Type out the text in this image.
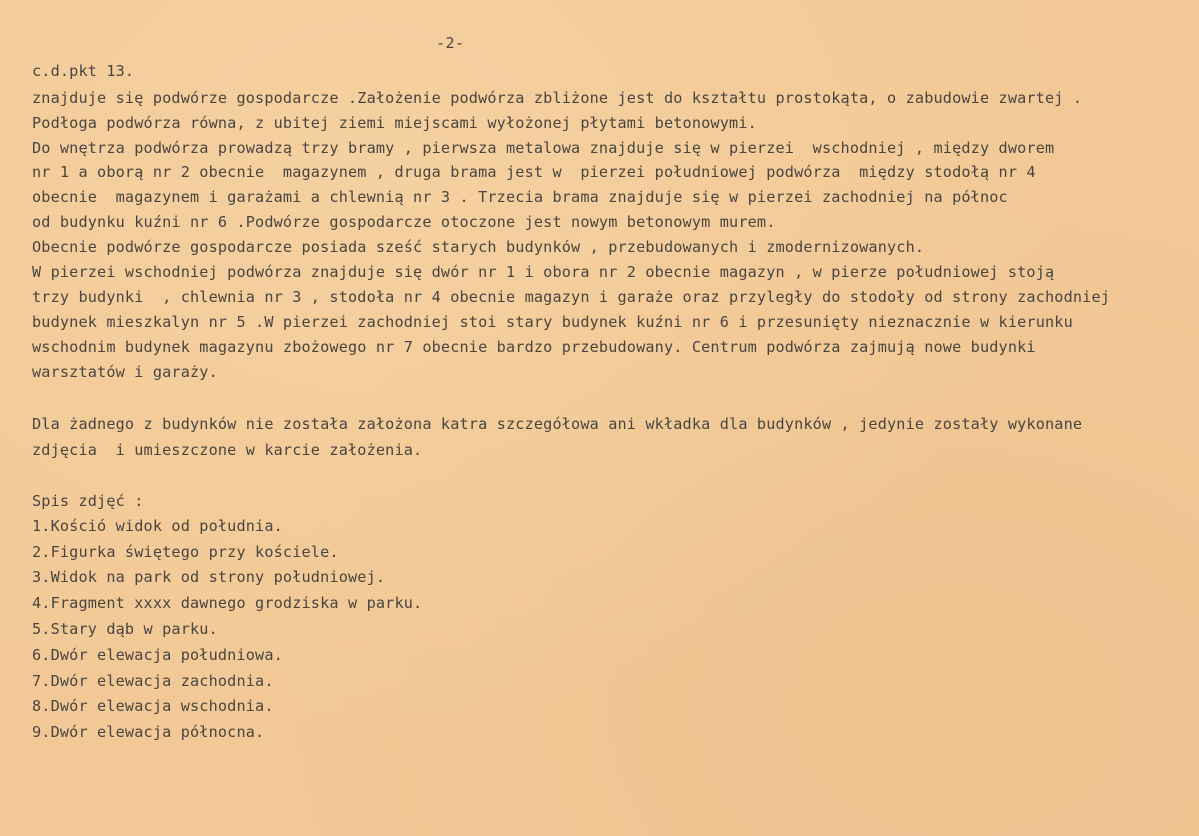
-2-
c.d.pkt 13.
znajduje się podwórze gospodarcze .Założenie podwórza zbliżone jest do kształtu prostokąta, o zabudowie zwartej .
Podłoga podwórza równa, z ubitej ziemi miejscami wyłożonej płytami betonowymi.
Do wnętrza podwórza prowadzą trzy bramy , pierwsza metalowa znajduje się w pierzei  wschodniej , między dworem
nr 1 a oborą nr 2 obecnie  magazynem , druga brama jest w  pierzei południowej podwórza  między stodołą nr 4
obecnie  magazynem i garażami a chlewnią nr 3 . Trzecia brama znajduje się w pierzei zachodniej na północ
od budynku kuźni nr 6 .Podwórze gospodarcze otoczone jest nowym betonowym murem.
Obecnie podwórze gospodarcze posiada sześć starych budynków , przebudowanych i zmodernizowanych.
W pierzei wschodniej podwórza znajduje się dwór nr 1 i obora nr 2 obecnie magazyn , w pierze południowej stoją
trzy budynki  , chlewnia nr 3 , stodoła nr 4 obecnie magazyn i garaże oraz przyległy do stodoły od strony zachodniej
budynek mieszkalyn nr 5 .W pierzei zachodniej stoi stary budynek kuźni nr 6 i przesunięty nieznacznie w kierunku
wschodnim budynek magazynu zbożowego nr 7 obecnie bardzo przebudowany. Centrum podwórza zajmują nowe budynki
warsztatów i garaży.
Dla żadnego z budynków nie została założona katra szczegółowa ani wkładka dla budynków , jedynie zostały wykonane
zdjęcia  i umieszczone w karcie założenia.
Spis zdjęć :
1.Kośció widok od południa.
2.Figurka świętego przy kościele.
3.Widok na park od strony południowej.
4.Fragment xxxx dawnego grodziska w parku.
5.Stary dąb w parku.
6.Dwór elewacja południowa.
7.Dwór elewacja zachodnia.
8.Dwór elewacja wschodnia.
9.Dwór elewacja północna.
